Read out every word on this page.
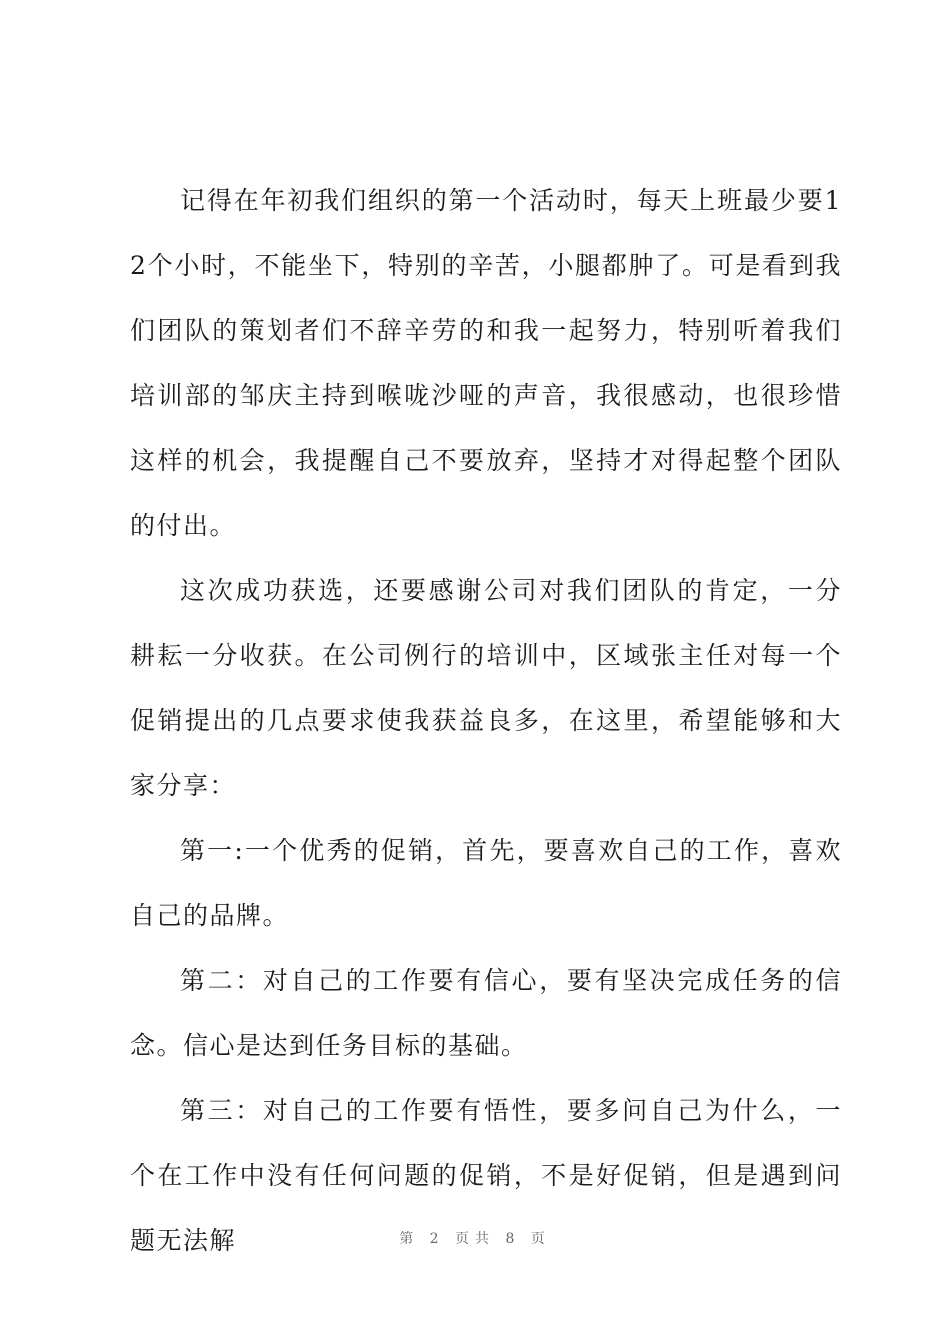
记得在年初我们组织的第一个活动时，每天上班最少要12个小时，不能坐下，特别的辛苦，小腿都肿了。可是看到我们团队的策划者们不辞辛劳的和我一起努力，特别听着我们培训部的邹庆主持到喉咙沙哑的声音，我很感动，也很珍惜这样的机会，我提醒自己不要放弃，坚持才对得起整个团队的付出。

这次成功获选，还要感谢公司对我们团队的肯定，一分耕耘一分收获。在公司例行的培训中，区域张主任对每一个促销提出的几点要求使我获益良多，在这里，希望能够和大家分享：

第一:一个优秀的促销，首先，要喜欢自己的工作，喜欢自己的品牌。

第二：对自己的工作要有信心，要有坚决完成任务的信念。信心是达到任务目标的基础。

第三：对自己的工作要有悟性，要多问自己为什么，一个在工作中没有任何问题的促销，不是好促销，但是遇到问题无法解	第 2 页共 8 页
